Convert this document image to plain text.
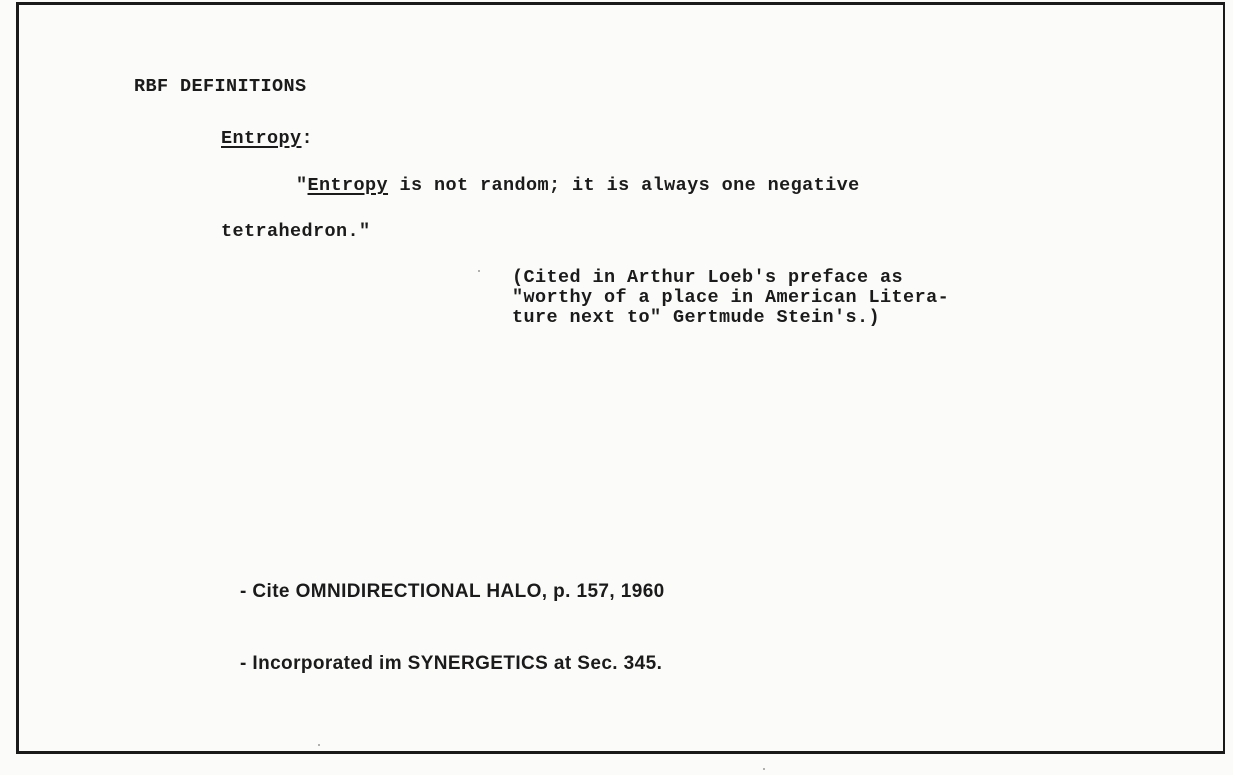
RBF DEFINITIONS
Entropy:
"Entropy is not random; it is always one negative
tetrahedron."
(Cited in Arthur Loeb's preface as
"worthy of a place in American Litera-
ture next to" Gertmude Stein's.)
- Cite OMNIDIRECTIONAL HALO, p. 157, 1960
- Incorporated im SYNERGETICS at Sec. 345.
